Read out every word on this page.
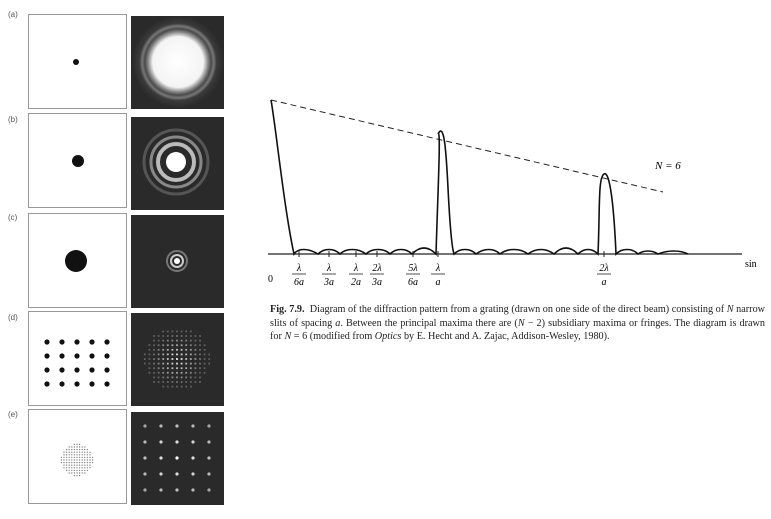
(a)
(b)
(c)
(d)
(e)
N = 6
sin
0
λ
6a
λ
3a
λ
2a
2λ
3a
5λ
6a
λ
a
2λ
a
Fig. 7.9. Diagram of the diffraction pattern from a grating (drawn on one side of the direct beam) consisting of N narrow slits of spacing a. Between the principal maxima there are (N − 2) subsidiary maxima or fringes. The diagram is drawn for N = 6 (modified from Optics by E. Hecht and A. Zajac, Addison-Wesley, 1980).
